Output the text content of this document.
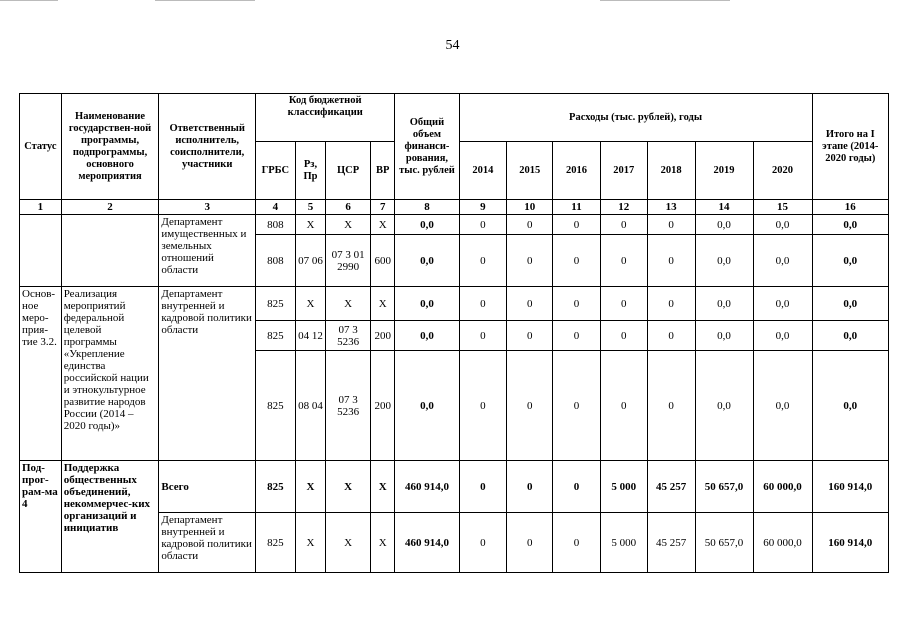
54
Статус	Наименование государствен-ной программы, подпрограммы, основного мероприятия	Ответственный исполнитель, соисполнители, участники	Код бюджетной классификации				Общий объем финанси-рования, тыс. рублей	Расходы (тыс. рублей), годы							Итого на I этапе (2014-2020 годы)
			ГРБС	Рз, Пр	ЦСР	ВР		2014	2015	2016	2017	2018	2019	2020	
1	2	3	4	5	6	7	8	9	10	11	12	13	14	15	16
		Департамент имущественных и земельных отношений области	808	X	X	X	0,0	0	0	0	0	0	0,0	0,0	0,0
			808	07 06	07 3 01 2990	600	0,0	0	0	0	0	0	0,0	0,0	0,0
Основ-ное меро-прия-тие 3.2.	Реализация мероприятий федеральной целевой программы «Укрепление единства российской нации и этнокультурное развитие народов России (2014 – 2020 годы)»	Департамент внутренней и кадровой политики области	825	X	X	X	0,0	0	0	0	0	0	0,0	0,0	0,0
			825	04 12	07 3 5236	200	0,0	0	0	0	0	0	0,0	0,0	0,0
			825	08 04	07 3 5236	200	0,0	0	0	0	0	0	0,0	0,0	0,0
Под-прог-рам-ма 4	Поддержка общественных объединений, некоммерчес-ких организаций и инициатив	Всего	825	X	X	X	460 914,0	0	0	0	5 000	45 257	50 657,0	60 000,0	160 914,0
		Департамент внутренней и кадровой политики области	825	X	X	X	460 914,0	0	0	0	5 000	45 257	50 657,0	60 000,0	160 914,0
